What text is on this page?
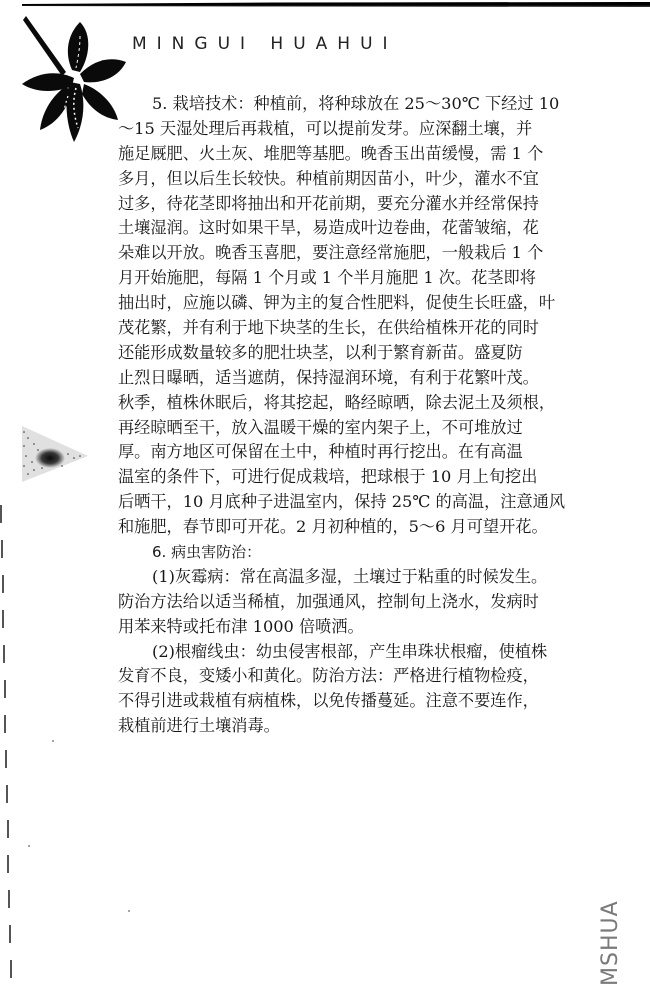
MINGUI HUAHUI
5. 栽培技术：种植前，将种球放在 25～30℃ 下经过 10
～15 天湿处理后再栽植，可以提前发芽。应深翻土壤，并
施足厩肥、火土灰、堆肥等基肥。晚香玉出苗缓慢，需 1 个
多月，但以后生长较快。种植前期因苗小，叶少，灌水不宜
过多，待花茎即将抽出和开花前期，要充分灌水并经常保持
土壤湿润。这时如果干旱，易造成叶边卷曲，花蕾皱缩，花
朵难以开放。晚香玉喜肥，要注意经常施肥，一般栽后 1 个
月开始施肥，每隔 1 个月或 1 个半月施肥 1 次。花茎即将
抽出时，应施以磷、钾为主的复合性肥料，促使生长旺盛，叶
茂花繁，并有利于地下块茎的生长，在供给植株开花的同时
还能形成数量较多的肥壮块茎，以利于繁育新苗。盛夏防
止烈日曝晒，适当遮荫，保持湿润环境，有利于花繁叶茂。
秋季，植株休眠后，将其挖起，略经晾晒，除去泥土及须根，
再经晾晒至干，放入温暖干燥的室内架子上，不可堆放过
厚。南方地区可保留在土中，种植时再行挖出。在有高温
温室的条件下，可进行促成栽培，把球根于 10 月上旬挖出
后晒干，10 月底种子进温室内，保持 25℃ 的高温，注意通风
和施肥，春节即可开花。2 月初种植的，5～6 月可望开花。
6. 病虫害防治：
(1)灰霉病：常在高温多湿，土壤过于粘重的时候发生。
防治方法给以适当稀植，加强通风，控制旬上浇水，发病时
用苯来特或托布津 1000 倍喷洒。
(2)根瘤线虫：幼虫侵害根部，产生串珠状根瘤，使植株
发育不良，变矮小和黄化。防治方法：严格进行植物检疫，
不得引进或栽植有病植株，以免传播蔓延。注意不要连作，
栽植前进行土壤消毒。
MSHUA
